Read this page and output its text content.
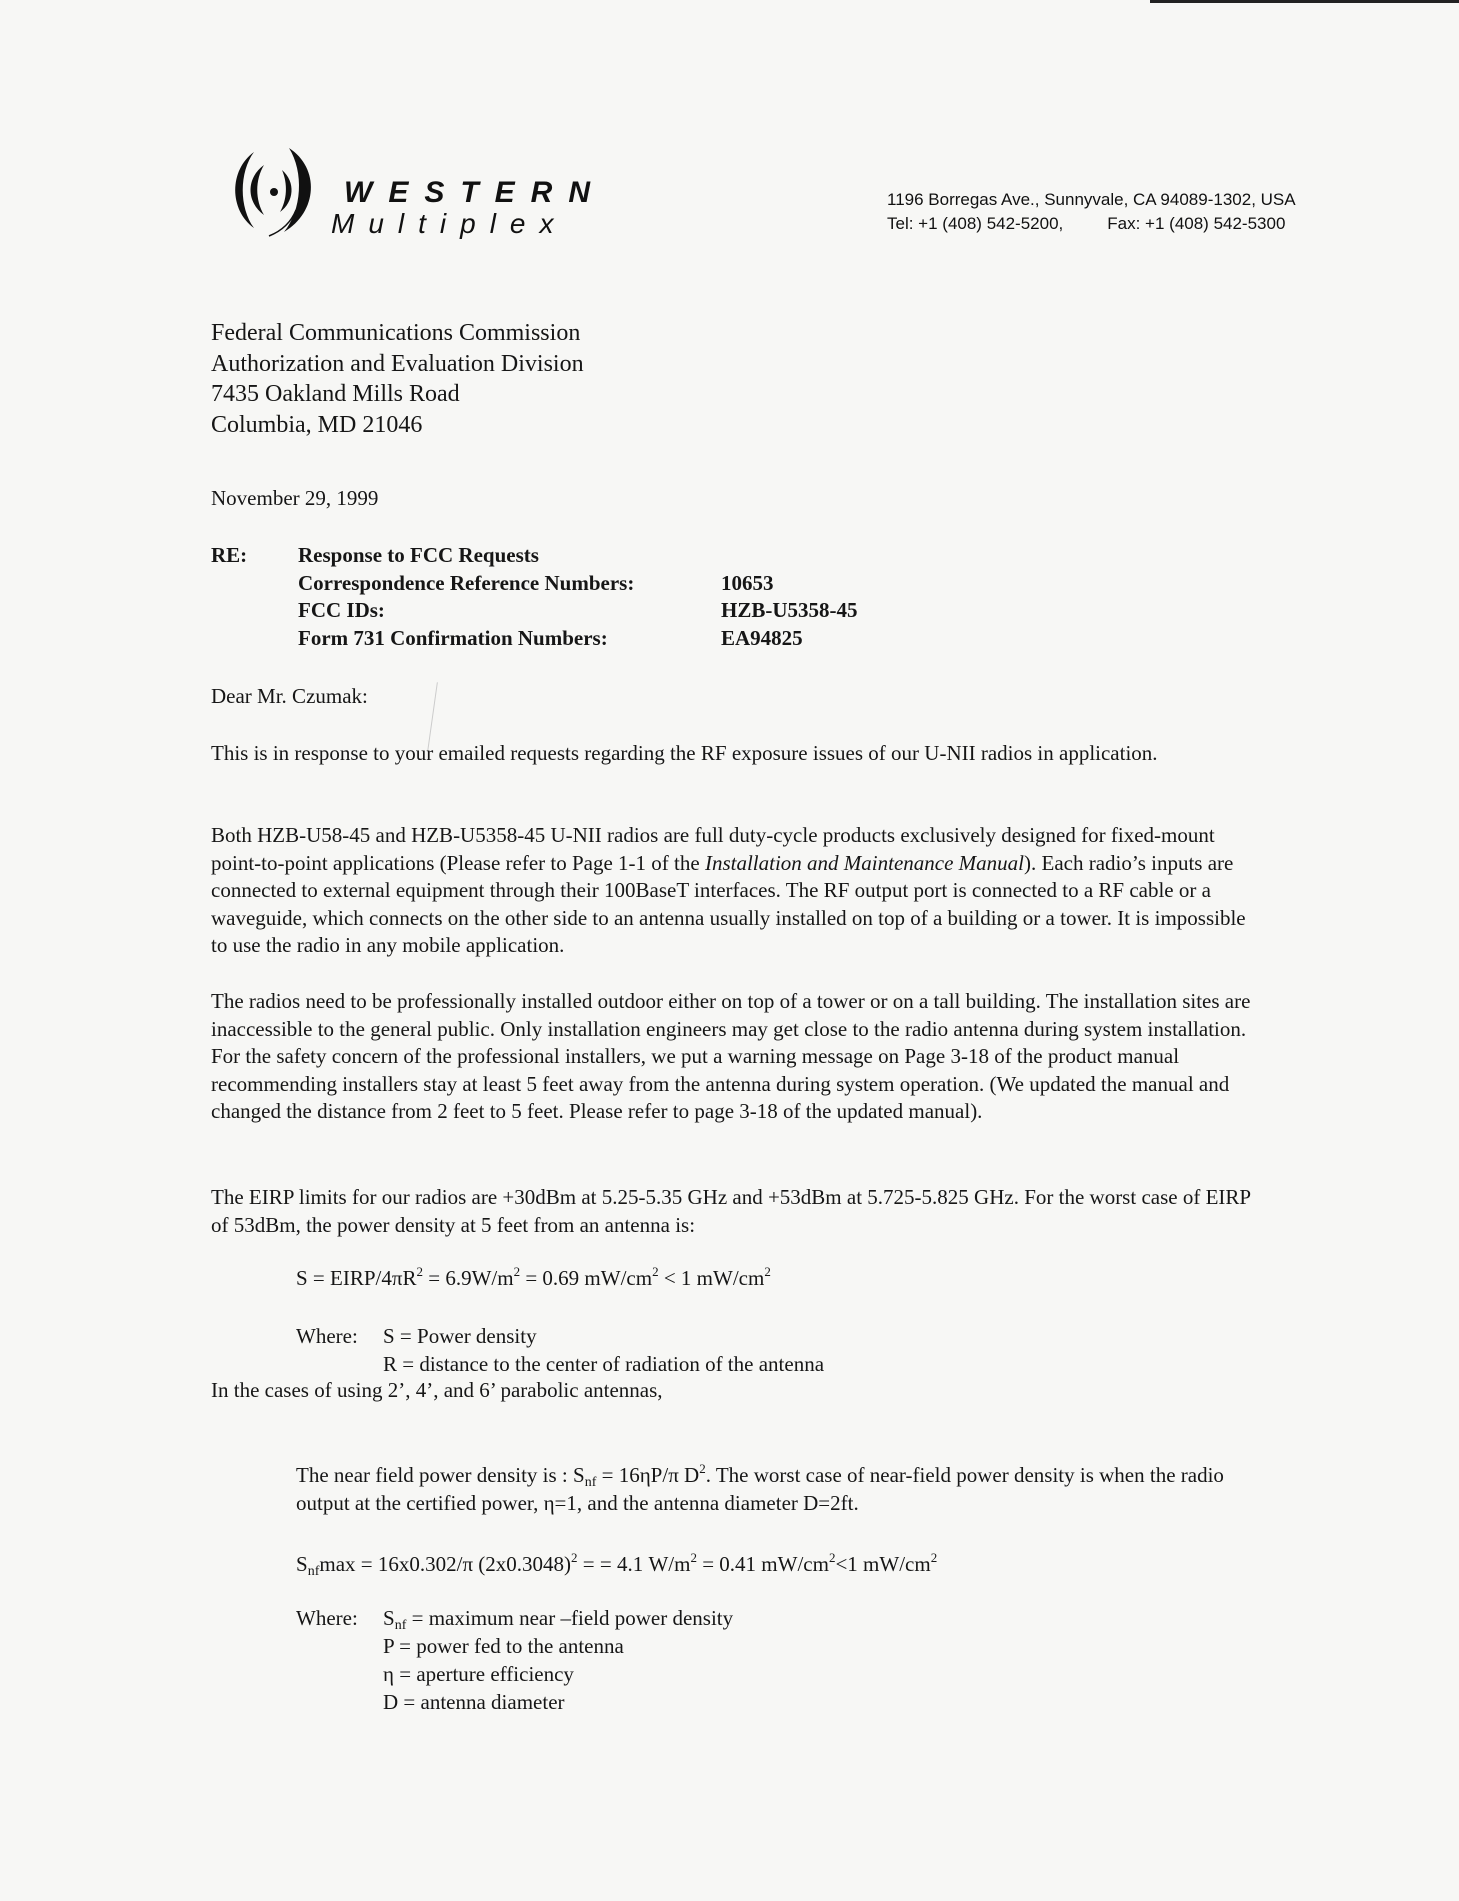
WESTERN
Multiplex
1196 Borregas Ave., Sunnyvale, CA 94089-1302, USA
Tel: +1 (408) 542-5200,	Fax: +1 (408) 542-5300
Federal Communications Commission
Authorization and Evaluation Division
7435 Oakland Mills Road
Columbia, MD 21046
November 29, 1999
RE:	Response to FCC Requests	
	Correspondence Reference Numbers:	10653
	FCC IDs:	HZB-U5358-45
	Form 731 Confirmation Numbers:	EA94825
Dear Mr. Czumak:
This is in response to your emailed requests regarding the RF exposure issues of our U-NII radios in application.
Both HZB-U58-45 and HZB-U5358-45 U-NII radios are full duty-cycle products exclusively designed for fixed-mount point-to-point applications (Please refer to Page 1-1 of the Installation and Maintenance Manual). Each radio’s inputs are connected to external equipment through their 100BaseT interfaces. The RF output port is connected to a RF cable or a waveguide, which connects on the other side to an antenna usually installed on top of a building or a tower. It is impossible to use the radio in any mobile application.
The radios need to be professionally installed outdoor either on top of a tower or on a tall building. The installation sites are inaccessible to the general public. Only installation engineers may get close to the radio antenna during system installation. For the safety concern of the professional installers, we put a warning message on Page 3-18 of the product manual recommending installers stay at least 5 feet away from the antenna during system operation. (We updated the manual and changed the distance from 2 feet to 5 feet. Please refer to page 3-18 of the updated manual).
The EIRP limits for our radios are +30dBm at 5.25-5.35 GHz and +53dBm at 5.725-5.825 GHz. For the worst case of EIRP of 53dBm, the power density at 5 feet from an antenna is:
S = EIRP/$4\pi R^2 = 6.9W/m^2 = 0.69$ $mW/cm^2 < 1$ $mW/cm^2$
Where:	S = Power density
R = distance to the center of radiation of the antenna
In the cases of using 2’, 4’, and 6’ parabolic antennas,
The near field power density is : $S_{nf} = 16\eta P/\pi$ $D^2$. The worst case of near-field power density is when the radio output at the certified power, η=1, and the antenna diameter D=2ft.
$S_{nf}\max = 16x0.302/\pi$ $(2x0.3048)^2$ = = 4.1 $W/m^2 = 0.41$ $mW/cm^2<1$ $mW/cm^2$
Where:	$S_{nf}$ = maximum near –field power density
P = power fed to the antenna
η = aperture efficiency
D = antenna diameter
